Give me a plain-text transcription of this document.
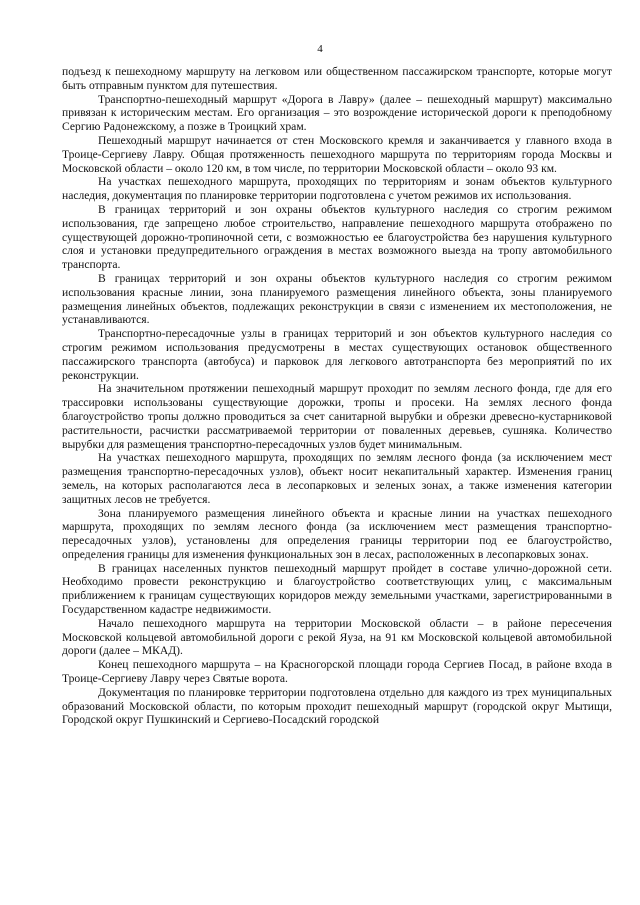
4

подъезд к пешеходному маршруту на легковом или общественном пассажирском транспорте, которые могут быть отправным пунктом для путешествия.

Транспортно-пешеходный маршрут «Дорога в Лавру» (далее – пешеходный маршрут) максимально привязан к историческим местам. Его организация – это возрождение исторической дороги к преподобному Сергию Радонежскому, а позже в Троицкий храм.

Пешеходный маршрут начинается от стен Московского кремля и заканчивается у главного входа в Троице-Сергиеву Лавру. Общая протяженность пешеходного маршрута по территориям города Москвы и Московской области – около 120 км, в том числе, по территории Московской области – около 93 км.

На участках пешеходного маршрута, проходящих по территориям и зонам объектов культурного наследия, документация по планировке территории подготовлена с учетом режимов их использования.

В границах территорий и зон охраны объектов культурного наследия со строгим режимом использования, где запрещено любое строительство, направление пешеходного маршрута отображено по существующей дорожно-тропиночной сети, с возможностью ее благоустройства без нарушения культурного слоя и установки предупредительного ограждения в местах возможного выезда на тропу автомобильного транспорта.

В границах территорий и зон охраны объектов культурного наследия со строгим режимом использования красные линии, зона планируемого размещения линейного объекта, зоны планируемого размещения линейных объектов, подлежащих реконструкции в связи с изменением их местоположения, не устанавливаются.

Транспортно-пересадочные узлы в границах территорий и зон объектов культурного наследия со строгим режимом использования предусмотрены в местах существующих остановок общественного пассажирского транспорта (автобуса) и парковок для легкового автотранспорта без мероприятий по их реконструкции.

На значительном протяжении пешеходный маршрут проходит по землям лесного фонда, где для его трассировки использованы существующие дорожки, тропы и просеки. На землях лесного фонда благоустройство тропы должно проводиться за счет санитарной вырубки и обрезки древесно-кустарниковой растительности, расчистки рассматриваемой территории от поваленных деревьев, сушняка. Количество вырубки для размещения транспортно-пересадочных узлов будет минимальным.

На участках пешеходного маршрута, проходящих по землям лесного фонда (за исключением мест размещения транспортно-пересадочных узлов), объект носит некапитальный характер. Изменения границ земель, на которых располагаются леса в лесопарковых и зеленых зонах, а также изменения категории защитных лесов не требуется.

Зона планируемого размещения линейного объекта и красные линии на участках пешеходного маршрута, проходящих по землям лесного фонда (за исключением мест размещения транспортно-пересадочных узлов), установлены для определения границы территории под ее благоустройство, определения границы для изменения функциональных зон в лесах, расположенных в лесопарковых зонах.

В границах населенных пунктов пешеходный маршрут пройдет в составе улично-дорожной сети. Необходимо провести реконструкцию и благоустройство соответствующих улиц, с максимальным приближением к границам существующих коридоров между земельными участками, зарегистрированными в Государственном кадастре недвижимости.

Начало пешеходного маршрута на территории Московской области – в районе пересечения Московской кольцевой автомобильной дороги с рекой Яуза, на 91 км Московской кольцевой автомобильной дороги (далее – МКАД).

Конец пешеходного маршрута – на Красногорской площади города Сергиев Посад, в районе входа в Троице-Сергиеву Лавру через Святые ворота.

Документация по планировке территории подготовлена отдельно для каждого из трех муниципальных образований Московской области, по которым проходит пешеходный маршрут (городской округ Мытищи, Городской округ Пушкинский и Сергиево-Посадский городской
